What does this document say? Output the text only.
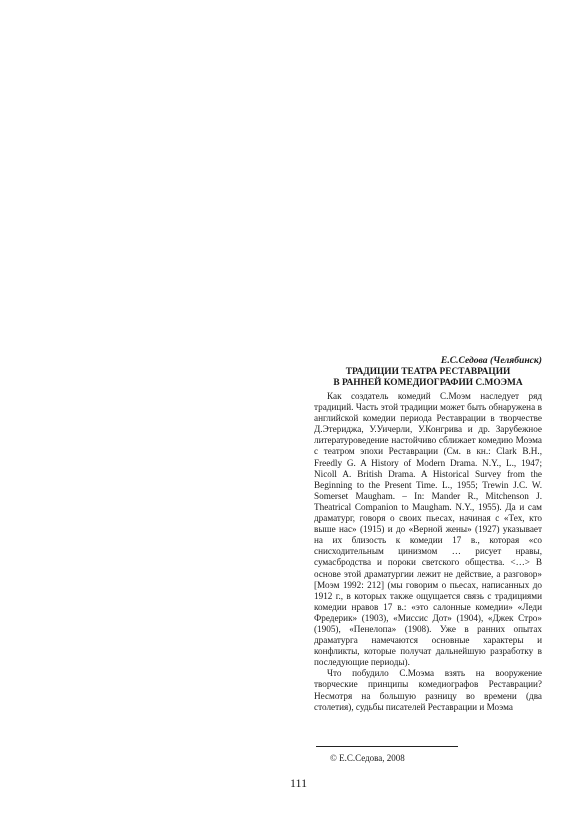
Е.С.Седова (Челябинск)
ТРАДИЦИИ ТЕАТРА РЕСТАВРАЦИИ
В РАННЕЙ КОМЕДИОГРАФИИ С.МОЭМА

Как создатель комедий С.Моэм наследует ряд традиций. Часть этой традиции может быть обнаружена в английской комедии периода Реставрации в творчестве Д.Этериджа, У.Уичерли, У.Конгрива и др. Зарубежное литературоведение настойчиво сближает комедию Моэма с театром эпохи Реставрации (См. в кн.: Clark B.H., Freedly G. A History of Modern Drama. N.Y., L., 1947; Nicoll A. British Drama. A Historical Survey from the Beginning to the Present Time. L., 1955; Trewin J.C. W. Somerset Maugham. – In: Mander R., Mitchenson J. Theatrical Companion to Maugham. N.Y., 1955). Да и сам драматург, говоря о своих пьесах, начиная с «Тех, кто выше нас» (1915) и до «Верной жены» (1927) указывает на их близость к комедии 17 в., которая «со снисходительным цинизмом … рисует нравы, сумасбродства и пороки светского общества. <…> В основе этой драматургии лежит не действие, а разговор» [Моэм 1992: 212] (мы говорим о пьесах, написанных до 1912 г., в которых также ощущается связь с традициями комедии нравов 17 в.: «это салонные комедии» «Леди Фредерик» (1903), «Миссис Дот» (1904), «Джек Стро» (1905), «Пенелопа» (1908). Уже в ранних опытах драматурга намечаются основные характеры и конфликты, которые получат дальнейшую разработку в последующие периоды).

Что побудило С.Моэма взять на вооружение творческие принципы комедиографов Реставрации? Несмотря на большую разницу во времени (два столетия), судьбы писателей Реставрации и Моэма

© Е.С.Седова, 2008
111
